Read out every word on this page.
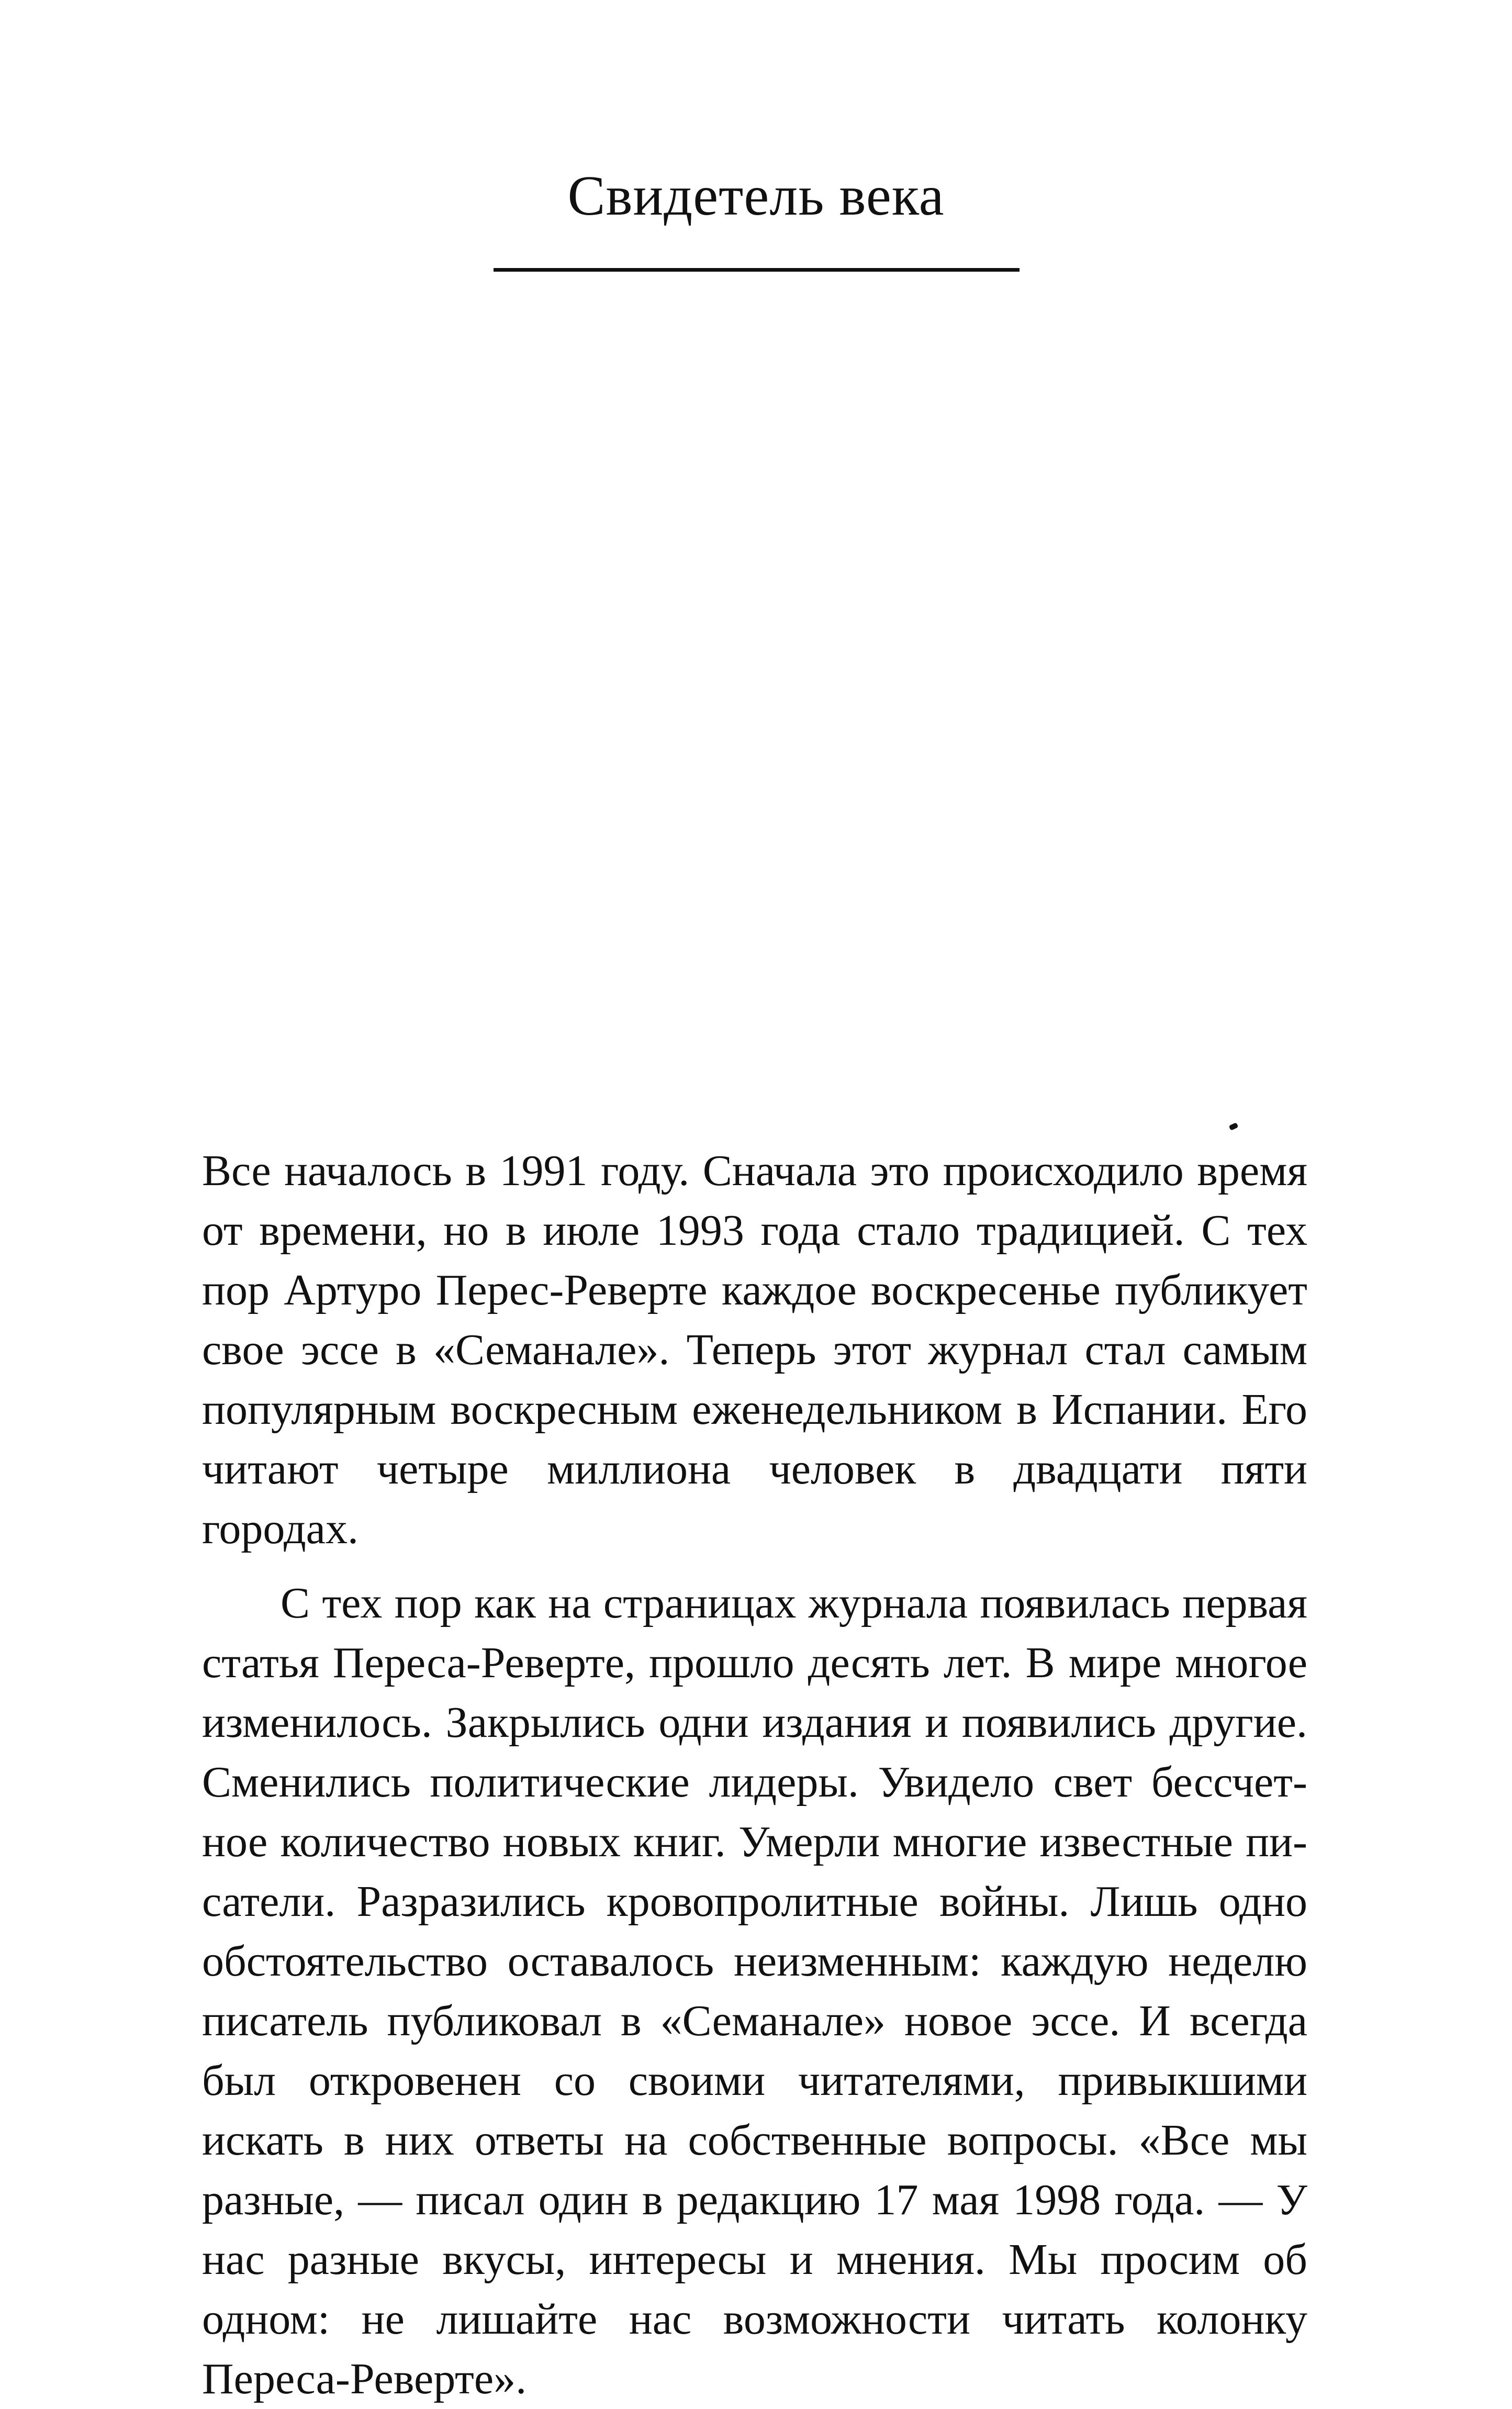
Свидетель века

Все началось в 1991 году. Сначала это происходило время от времени, но в июле 1993 года стало традицией. С тех пор Артуро Перес-Реверте каждое воскресенье публикует свое эссе в «Семанале». Теперь этот журнал стал самым популярным воскресным еженедельником в Испании. Его читают четыре миллиона человек в двадцати пяти городах.

С тех пор как на страницах журнала появилась первая статья Переса-Реверте, прошло десять лет. В мире многое изменилось. Закрылись одни издания и появились другие. Сменились политические лидеры. Увидело свет бессчетное количество новых книг. Умерли многие известные писатели. Разразились кровопролитные войны. Лишь одно обстоятельство оставалось неизменным: каждую неделю писатель публиковал в «Семанале» новое эссе. И всегда был откровенен со своими читателями, привыкшими искать в них ответы на собственные вопросы. «Все мы разные, — писал один в редакцию 17 мая 1998 года. — У нас разные вкусы, интересы и мнения. Мы просим об одном: не лишайте нас возможности читать колонку Переса-Реверте».
